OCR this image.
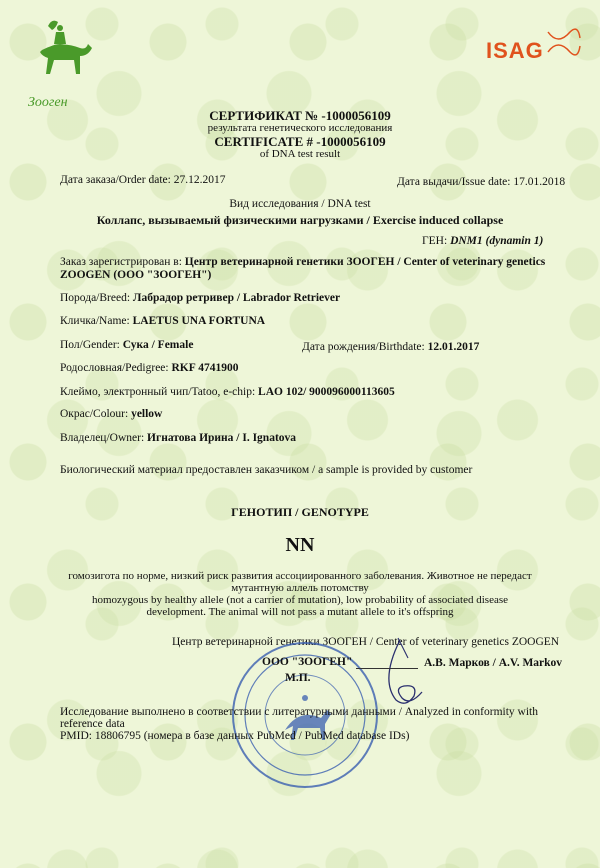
Зооген
ISAG
СЕРТИФИКАТ № -1000056109
результата генетического исследования
CERTIFICATE # -1000056109
of DNA test result
Дата заказа/Order date: 27.12.2017	Дата выдачи/Issue date: 17.01.2018
Вид исследования / DNA test
Коллапс, вызываемый физическими нагрузками / Exercise induced collapse
ГЕН: DNM1 (dynamin 1)
Заказ зарегистрирован в: Центр ветеринарной генетики ЗООГЕН / Center of veterinary genetics
ZOOGEN (ООО "ЗООГЕН")
Порода/Breed: Лабрадор ретривер / Labrador Retriever
Кличка/Name: LAETUS UNA FORTUNA
Пол/Gender: Сука / Female	Дата рождения/Birthdate: 12.01.2017
Родословная/Pedigree: RKF 4741900
Клеймо, электронный чип/Tatoo, e-chip: LAO 102/ 900096000113605
Окрас/Colour: yellow
Владелец/Owner: Игнатова Ирина / I. Ignatova
Биологический материал предоставлен заказчиком / a sample is provided by customer
ГЕНОТИП / GENOTYPE
NN
гомозигота по норме, низкий риск развития ассоциированного заболевания. Животное не передаст
мутантную аллель потомству
homozygous by healthy allele (not a carrier of mutation), low probability of associated disease
development. The animal will not pass a mutant allele to it's offspring
Центр ветеринарной генетики ЗООГЕН / Center of veterinary genetics ZOOGEN
ООО "ЗООГЕН"	А.В. Марков / A.V. Markov
М.П.
Исследование выполнено в соответствии с литературными данными / Analyzed in conformity with
reference data
PMID: 18806795 (номера в базе данных PubMed / PubMed database IDs)
